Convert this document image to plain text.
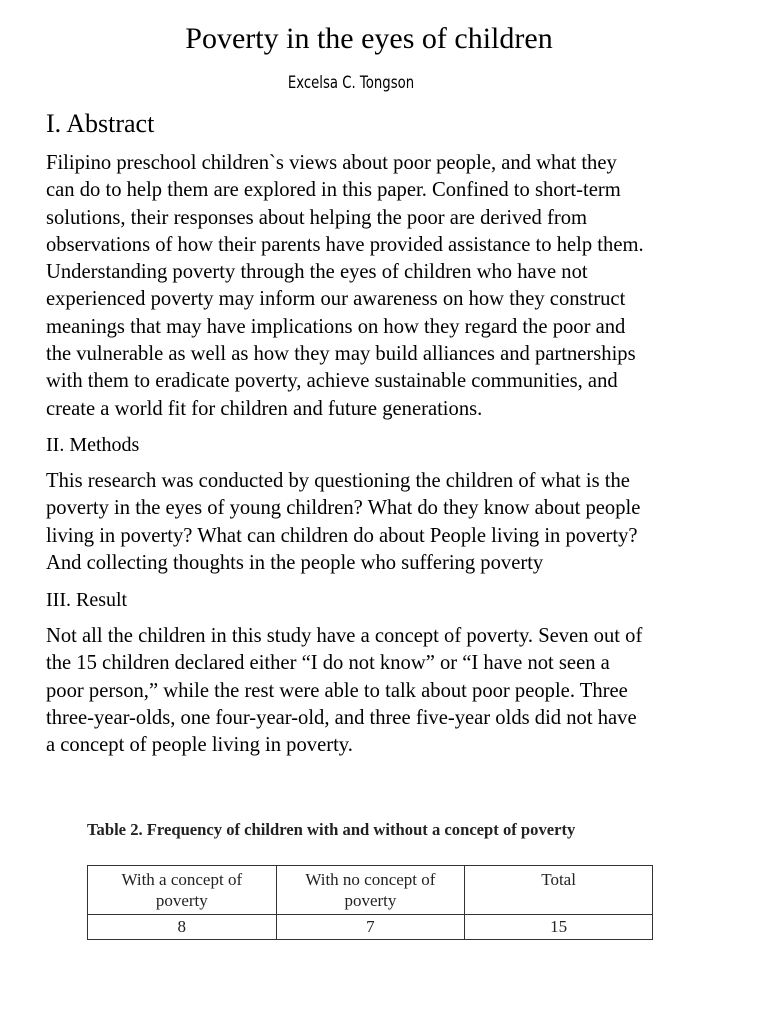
Poverty in the eyes of children
Excelsa C. Tongson
I. Abstract

Filipino preschool children`s views about poor people, and what they
can do to help them are explored in this paper. Confined to short-term
solutions, their responses about helping the poor are derived from
observations of how their parents have provided assistance to help them.
Understanding poverty through the eyes of children who have not
experienced poverty may inform our awareness on how they construct
meanings that may have implications on how they regard the poor and
the vulnerable as well as how they may build alliances and partnerships
with them to eradicate poverty, achieve sustainable communities, and
create a world fit for children and future generations.

II. Methods

This research was conducted by questioning the children of what is the
poverty in the eyes of young children? What do they know about people
living in poverty? What can children do about People living in poverty?
And collecting thoughts in the people who suffering poverty

III. Result

Not all the children in this study have a concept of poverty. Seven out of
the 15 children declared either “I do not know” or “I have not seen a
poor person,” while the rest were able to talk about poor people. Three
three-year-olds, one four-year-old, and three five-year olds did not have
a concept of people living in poverty.

Table 2. Frequency of children with and without a concept of poverty
With a concept of
poverty	With no concept of
poverty	Total
8	7	15
